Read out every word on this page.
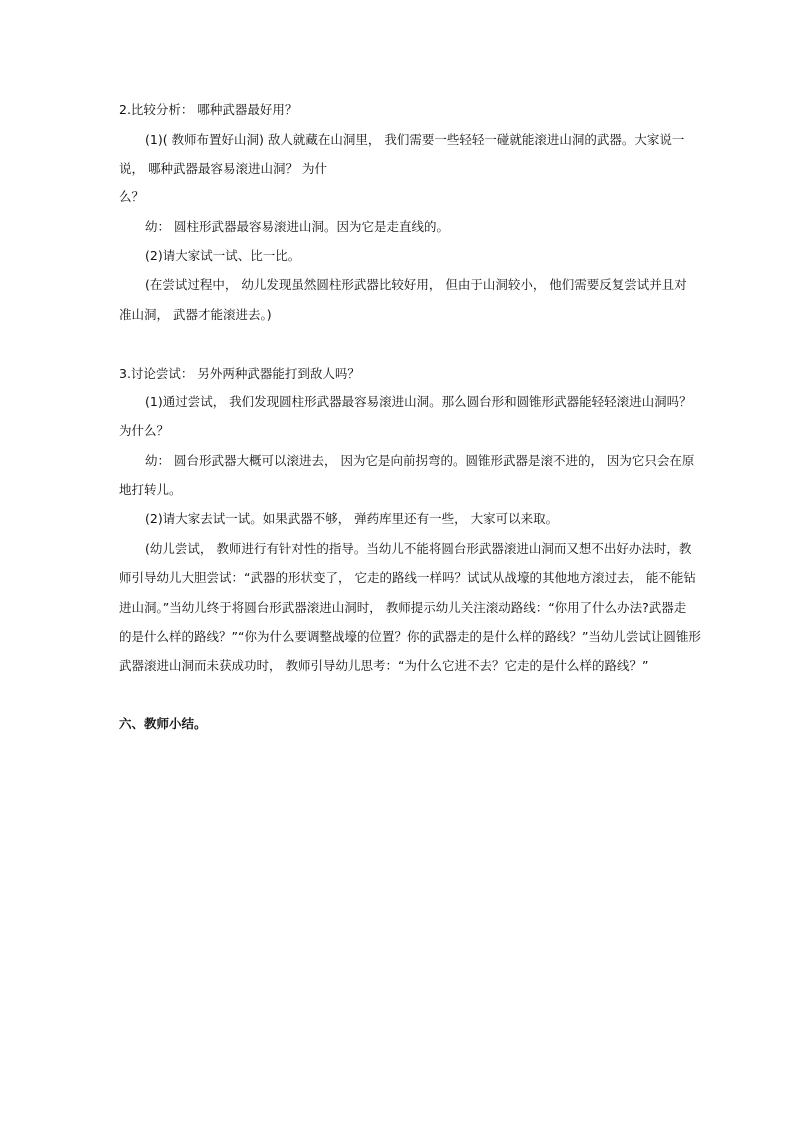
2.比较分析： 哪种武器最好用？
(1)( 教师布置好山洞) 敌人就藏在山洞里， 我们需要一些轻轻一碰就能滚进山洞的武器。大家说一
说， 哪种武器最容易滚进山洞？ 为什
么？
幼： 圆柱形武器最容易滚进山洞。因为它是走直线的。
(2)请大家试一试、比一比。
(在尝试过程中， 幼儿发现虽然圆柱形武器比较好用， 但由于山洞较小， 他们需要反复尝试并且对
准山洞， 武器才能滚进去。)
3.讨论尝试： 另外两种武器能打到敌人吗？
(1)通过尝试， 我们发现圆柱形武器最容易滚进山洞。那么圆台形和圆锥形武器能轻轻滚进山洞吗？
为什么？
幼： 圆台形武器大概可以滚进去， 因为它是向前拐弯的。圆锥形武器是滚不进的， 因为它只会在原
地打转儿。
(2)请大家去试一试。如果武器不够， 弹药库里还有一些， 大家可以来取。
(幼儿尝试， 教师进行有针对性的指导。当幼儿不能将圆台形武器滚进山洞而又想不出好办法时，教
师引导幼儿大胆尝试：“武器的形状变了， 它走的路线一样吗？试试从战壕的其他地方滚过去， 能不能钻
进山洞。”当幼儿终于将圆台形武器滚进山洞时， 教师提示幼儿关注滚动路线：“你用了什么办法?武器走
的是什么样的路线？”“你为什么要调整战壕的位置？你的武器走的是什么样的路线？”当幼儿尝试让圆锥形
武器滚进山洞而未获成功时， 教师引导幼儿思考：“为什么它进不去？它走的是什么样的路线？”
六、教师小结。
